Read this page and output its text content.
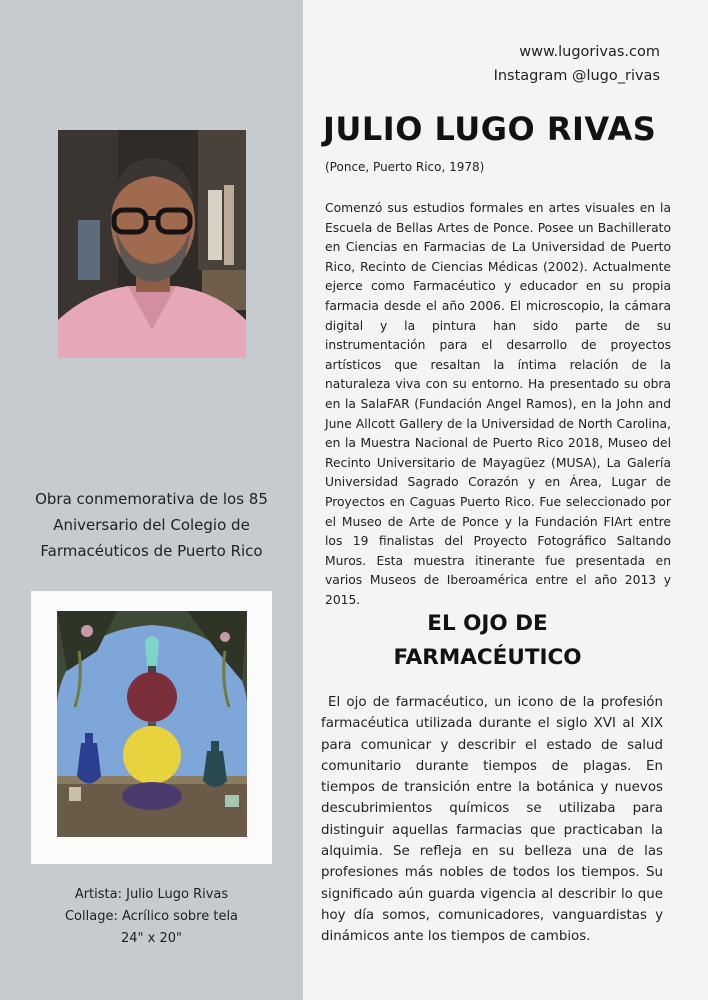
Obra conmemorativa de los 85 Aniversario del Colegio de Farmacéuticos de Puerto Rico
Artista: Julio Lugo Rivas
Collage: Acrílico sobre tela
24" x 20"
www.lugorivas.com
Instagram @lugo_rivas
JULIO LUGO RIVAS
(Ponce, Puerto Rico, 1978)

Comenzó sus estudios formales en artes visuales en la Escuela de Bellas Artes de Ponce. Posee un Bachillerato en Ciencias en Farmacias de La Universidad de Puerto Rico, Recinto de Ciencias Médicas (2002). Actualmente ejerce como Farmacéutico y educador en su propia farmacia desde el año 2006. El microscopio, la cámara digital y la pintura han sido parte de su instrumentación para el desarrollo de proyectos artísticos que resaltan la íntima relación de la naturaleza viva con su entorno. Ha presentado su obra en la SalaFAR (Fundación Angel Ramos), en la John and June Allcott Gallery de la Universidad de North Carolina, en la Muestra Nacional de Puerto Rico 2018, Museo del Recinto Universitario de Mayagüez (MUSA), La Galería Universidad Sagrado Corazón y en Área, Lugar de Proyectos en Caguas Puerto Rico. Fue seleccionado por el Museo de Arte de Ponce y la Fundación FIArt entre los 19 finalistas del Proyecto Fotográfico Saltando Muros. Esta muestra itinerante fue presentada en varios Museos de Iberoamérica entre el año 2013 y 2015.

EL OJO DE
FARMACÉUTICO

El ojo de farmacéutico, un icono de la profesión farmacéutica utilizada durante el siglo XVI al XIX para comunicar y describir el estado de salud comunitario durante tiempos de plagas. En tiempos de transición entre la botánica y nuevos descubrimientos químicos se utilizaba para distinguir aquellas farmacias que practicaban la alquimia. Se refleja en su belleza una de las profesiones más nobles de todos los tiempos. Su significado aún guarda vigencia al describir lo que hoy día somos, comunicadores, vanguardistas y dinámicos ante los tiempos de cambios.
